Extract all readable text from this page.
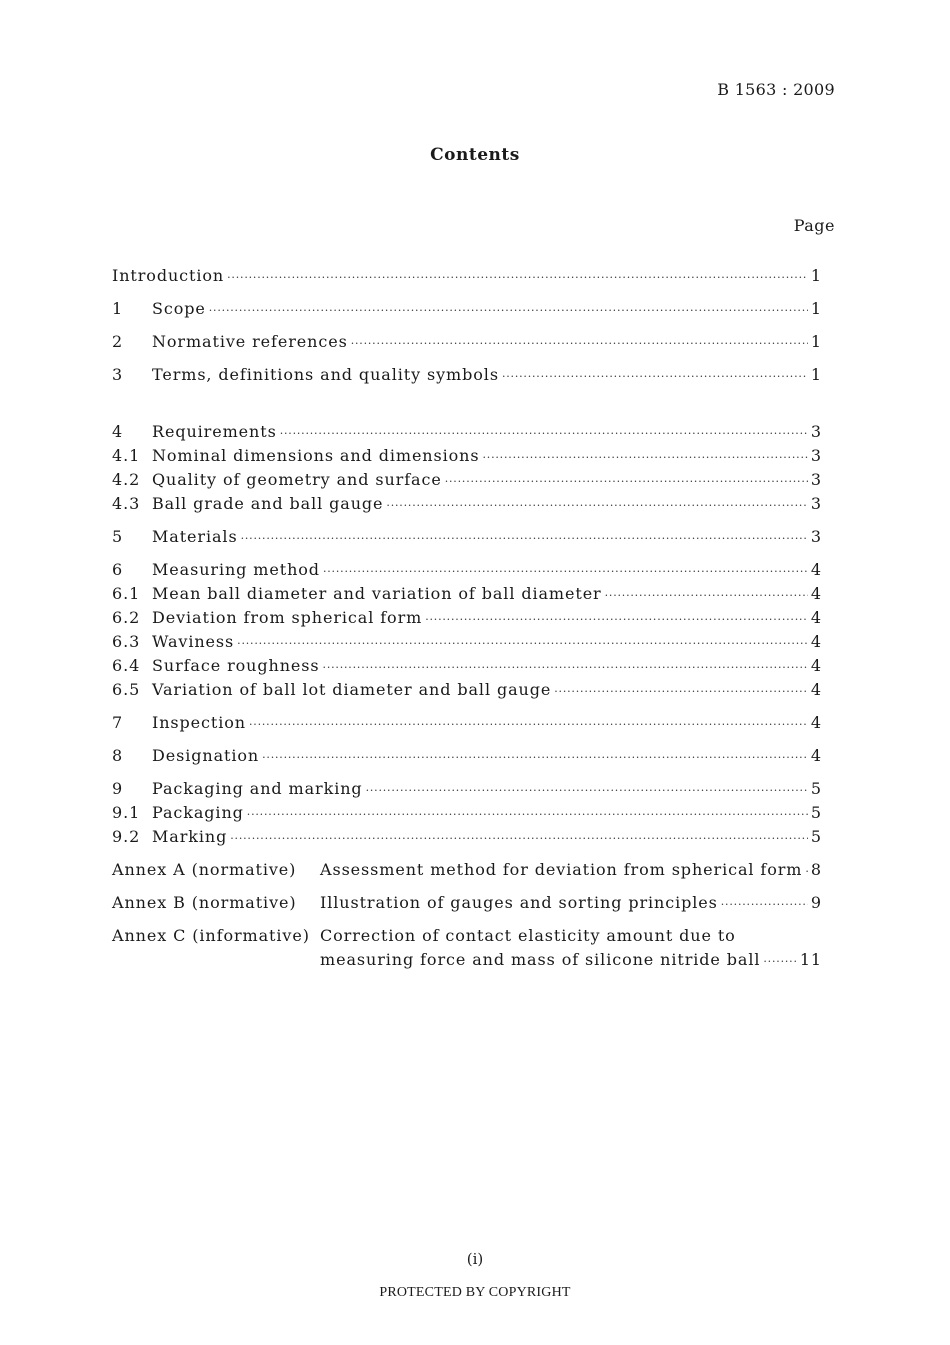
B 1563 : 2009
Contents
Page
Introduction ·····	1
1	Scope ·····	1
2	Normative references ·····	1
3	Terms, definitions and quality symbols ·····	1
4	Requirements ·····	3
4.1 Nominal dimensions and dimensions ·····	3
4.2 Quality of geometry and surface ·····	3
4.3 Ball grade and ball gauge ·····	3
5	Materials ·····	3
6	Measuring method ·····	4
6.1 Mean ball diameter and variation of ball diameter ·····	4
6.2 Deviation from spherical form ·····	4
6.3 Waviness ·····	4
6.4 Surface roughness ·····	4
6.5 Variation of ball lot diameter and ball gauge ·····	4
7	Inspection ·····	4
8	Designation ·····	4
9	Packaging and marking ·····	5
9.1 Packaging ·····	5
9.2 Marking ·····	5
Annex A (normative)	Assessment method for deviation from spherical form ····· 8
Annex B (normative)	Illustration of gauges and sorting principles ·····	9
Annex C (informative) Correction of contact elasticity amount due to
measuring force and mass of silicone nitride ball ····· 11
(i)
PROTECTED BY COPYRIGHT
